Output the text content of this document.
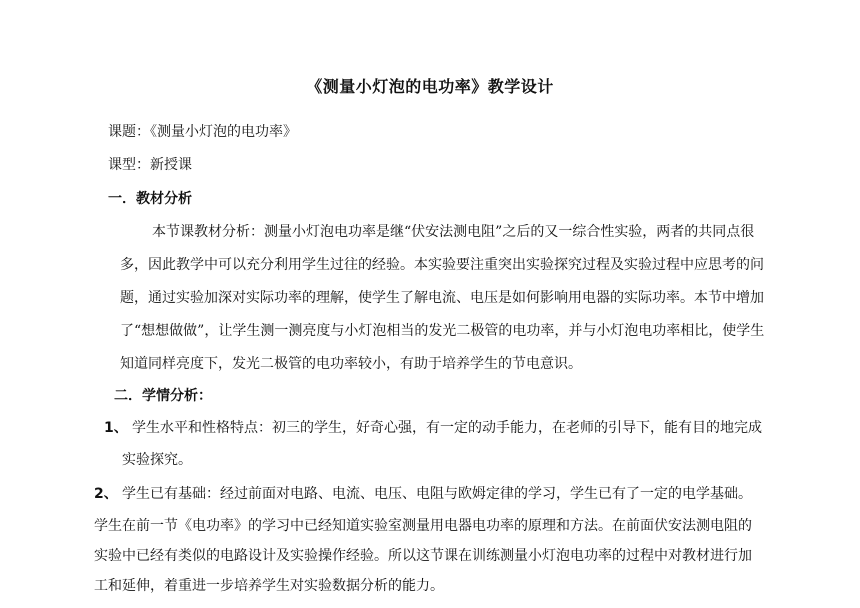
《测量小灯泡的电功率》教学设计
课题：《测量小灯泡的电功率》
课型：新授课
一．教材分析
本节课教材分析：测量小灯泡电功率是继“伏安法测电阻”之后的又一综合性实验，两者的共同点很
多，因此教学中可以充分利用学生过往的经验。本实验要注重突出实验探究过程及实验过程中应思考的问
题，通过实验加深对实际功率的理解，使学生了解电流、电压是如何影响用电器的实际功率。本节中增加
了“想想做做”，让学生测一测亮度与小灯泡相当的发光二极管的电功率，并与小灯泡电功率相比，使学生
知道同样亮度下，发光二极管的电功率较小，有助于培养学生的节电意识。
二．学情分析：
1、 学生水平和性格特点：初三的学生，好奇心强，有一定的动手能力，在老师的引导下，能有目的地完成
实验探究。
2、 学生已有基础：经过前面对电路、电流、电压、电阻与欧姆定律的学习，学生已有了一定的电学基础。
学生在前一节《电功率》的学习中已经知道实验室测量用电器电功率的原理和方法。在前面伏安法测电阻的
实验中已经有类似的电路设计及实验操作经验。所以这节课在训练测量小灯泡电功率的过程中对教材进行加
工和延伸，着重进一步培养学生对实验数据分析的能力。
